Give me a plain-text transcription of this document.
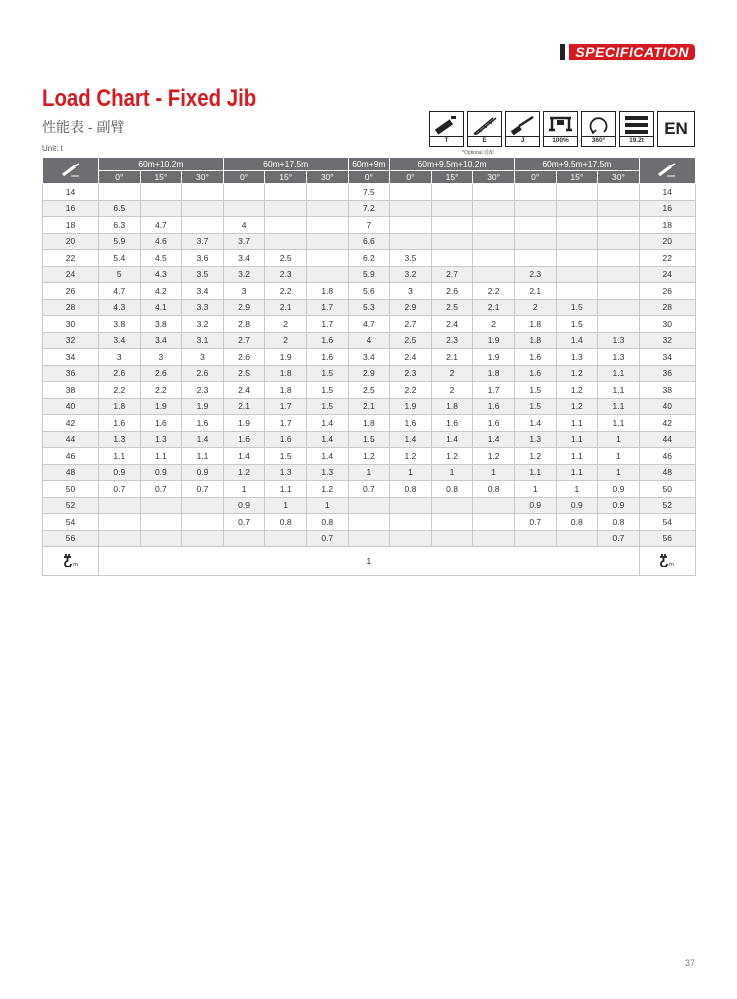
SPECIFICATION
Load Chart - Fixed Jib
性能表 - 副臂
Unit: t
T	E	J	100%	360°	19.2t
EN
*Optional 选配
	60m+10.2m			60m+17.5m			60m+9m	60m+9.5m+10.2m			60m+9.5m+17.5m	
	0°	15°	30°	0°	15°	30°	0°	0°	15°	30°	0°	15°	30°	
14							7.5							14
16	6.5						7.2							16
18	6.3	4.7		4			7							18
20	5.9	4.6	3.7	3.7			6.6							20
22	5.4	4.5	3.6	3.4	2.5		6.2	3.5						22
24	5	4.3	3.5	3.2	2.3		5.9	3.2	2.7		2.3			24
26	4.7	4.2	3.4	3	2.2	1.8	5.6	3	2.6	2.2	2.1			26
28	4.3	4.1	3.3	2.9	2.1	1.7	5.3	2.9	2.5	2.1	2	1.5		28
30	3.8	3.8	3.2	2.8	2	1.7	4.7	2.7	2.4	2	1.8	1.5		30
32	3.4	3.4	3.1	2.7	2	1.6	4	2.5	2.3	1.9	1.8	1.4	1.3	32
34	3	3	3	2.6	1.9	1.6	3.4	2.4	2.1	1.9	1.6	1.3	1.3	34
36	2.6	2.6	2.6	2.5	1.8	1.5	2.9	2.3	2	1.8	1.6	1.2	1.1	36
38	2.2	2.2	2.3	2.4	1.8	1.5	2.5	2.2	2	1.7	1.5	1.2	1.1	38
40	1.8	1.9	1.9	2.1	1.7	1.5	2.1	1.9	1.8	1.6	1.5	1.2	1.1	40
42	1.6	1.6	1.6	1.9	1.7	1.4	1.8	1.6	1.6	1.6	1.4	1.1	1.1	42
44	1.3	1.3	1.4	1.6	1.6	1.4	1.5	1.4	1.4	1.4	1.3	1.1	1	44
46	1.1	1.1	1.1	1.4	1.5	1.4	1.2	1.2	1.2	1.2	1.2	1.1	1	46
48	0.9	0.9	0.9	1.2	1.3	1.3	1	1	1	1	1.1	1.1	1	48
50	0.7	0.7	0.7	1	1.1	1.2	0.7	0.8	0.8	0.8	1	1	0.9	50
52				0.9	1	1					0.9	0.9	0.9	52
54				0.7	0.8	0.8					0.7	0.8	0.8	54
56						0.7							0.7	56

m	1													m
37
